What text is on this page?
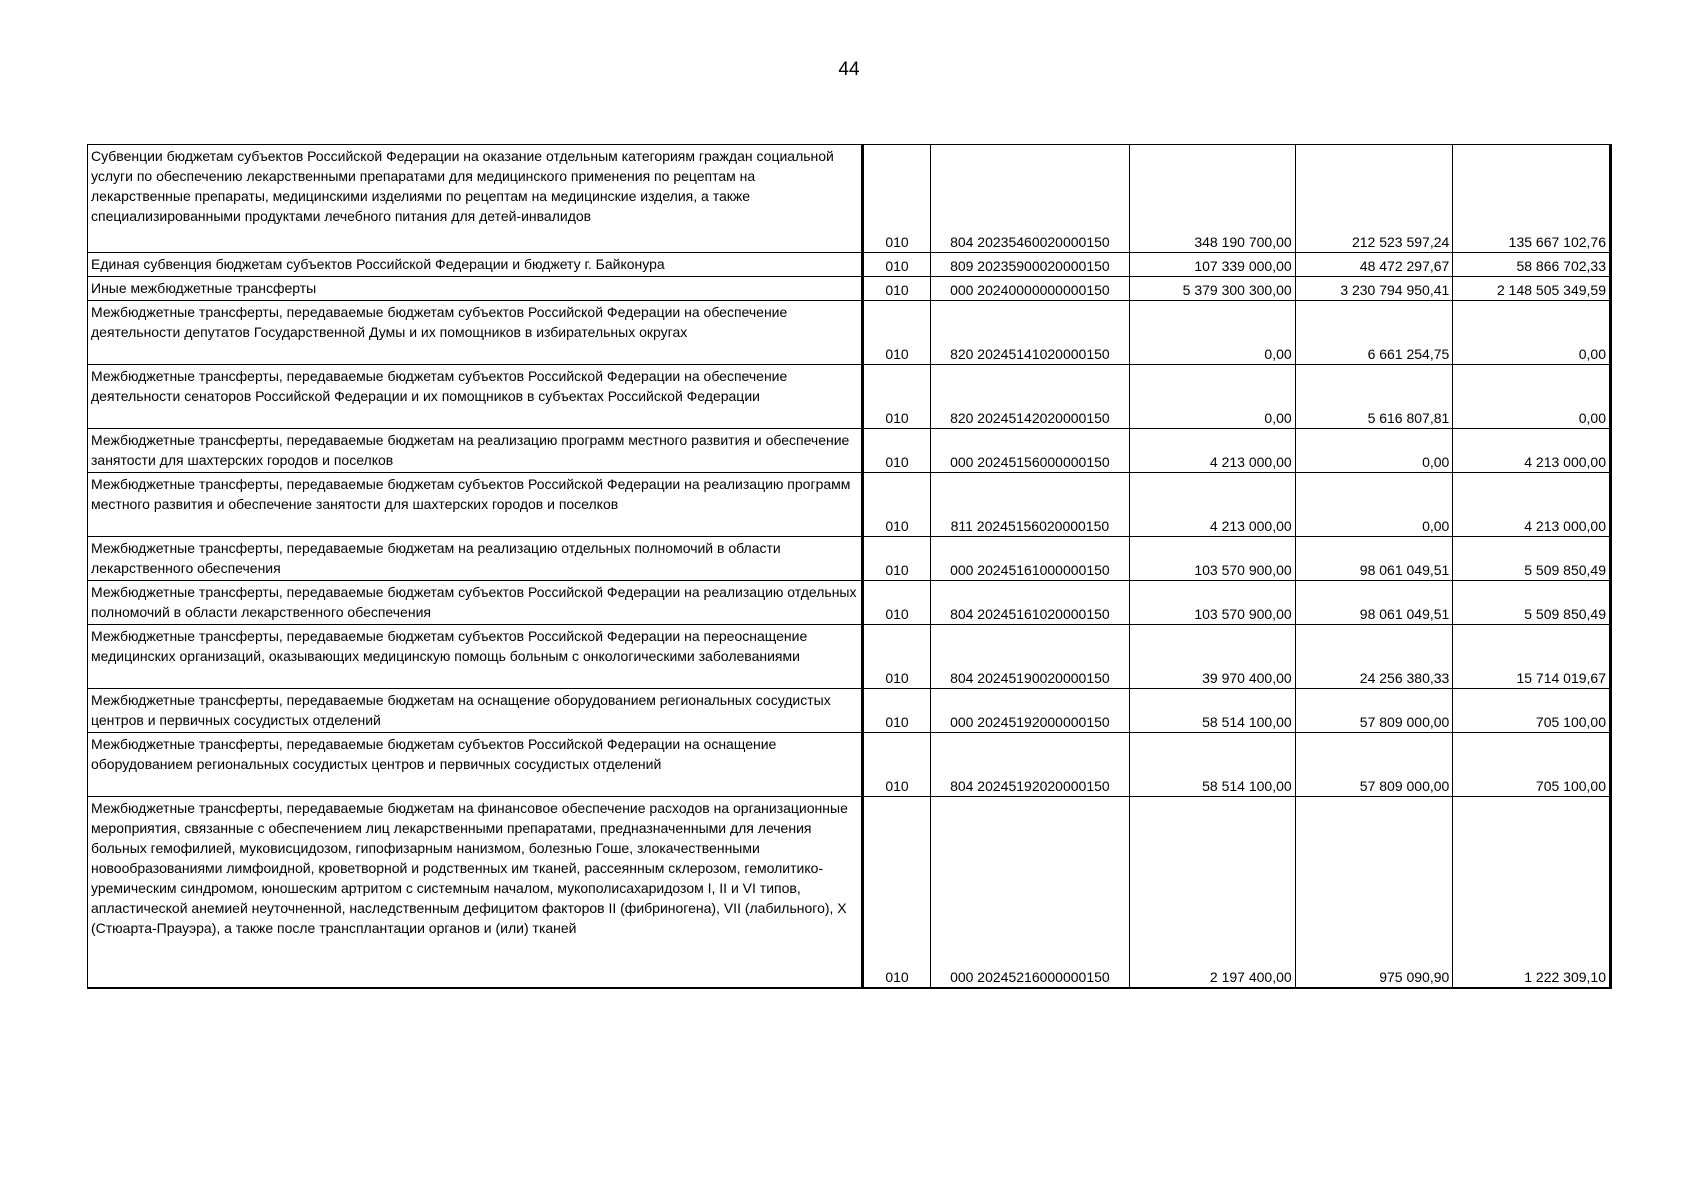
44
Субвенции бюджетам субъектов Российской Федерации на оказание отдельным категориям граждан социальной услуги по обеспечению лекарственными препаратами для медицинского применения по рецептам на лекарственные препараты, медицинскими изделиями по рецептам на медицинские изделия, а также специализированными продуктами лечебного питания для детей-инвалидов	010	804 20235460020000150	348 190 700,00	212 523 597,24	135 667 102,76
Единая субвенция бюджетам субъектов Российской Федерации и бюджету г. Байконура	010	809 20235900020000150	107 339 000,00	48 472 297,67	58 866 702,33
Иные межбюджетные трансферты	010	000 20240000000000150	5 379 300 300,00	3 230 794 950,41	2 148 505 349,59
Межбюджетные трансферты, передаваемые бюджетам субъектов Российской Федерации на обеспечение деятельности депутатов Государственной Думы и их помощников в избирательных округах	010	820 20245141020000150	0,00	6 661 254,75	0,00
Межбюджетные трансферты, передаваемые бюджетам субъектов Российской Федерации на обеспечение деятельности сенаторов Российской Федерации и их помощников в субъектах Российской Федерации	010	820 20245142020000150	0,00	5 616 807,81	0,00
Межбюджетные трансферты, передаваемые бюджетам на реализацию программ местного развития и обеспечение занятости для шахтерских городов и поселков	010	000 20245156000000150	4 213 000,00	0,00	4 213 000,00
Межбюджетные трансферты, передаваемые бюджетам субъектов Российской Федерации на реализацию программ местного развития и обеспечение занятости для шахтерских городов и поселков	010	811 20245156020000150	4 213 000,00	0,00	4 213 000,00
Межбюджетные трансферты, передаваемые бюджетам на реализацию отдельных полномочий в области лекарственного обеспечения	010	000 20245161000000150	103 570 900,00	98 061 049,51	5 509 850,49
Межбюджетные трансферты, передаваемые бюджетам субъектов Российской Федерации на реализацию отдельных полномочий в области лекарственного обеспечения	010	804 20245161020000150	103 570 900,00	98 061 049,51	5 509 850,49
Межбюджетные трансферты, передаваемые бюджетам субъектов Российской Федерации на переоснащение медицинских организаций, оказывающих медицинскую помощь больным с онкологическими заболеваниями	010	804 20245190020000150	39 970 400,00	24 256 380,33	15 714 019,67
Межбюджетные трансферты, передаваемые бюджетам на оснащение оборудованием региональных сосудистых центров и первичных сосудистых отделений	010	000 20245192000000150	58 514 100,00	57 809 000,00	705 100,00
Межбюджетные трансферты, передаваемые бюджетам субъектов Российской Федерации на оснащение оборудованием региональных сосудистых центров и первичных сосудистых отделений	010	804 20245192020000150	58 514 100,00	57 809 000,00	705 100,00
Межбюджетные трансферты, передаваемые бюджетам на финансовое обеспечение расходов на организационные мероприятия, связанные с обеспечением лиц лекарственными препаратами, предназначенными для лечения больных гемофилией, муковисцидозом, гипофизарным нанизмом, болезнью Гоше, злокачественными новообразованиями лимфоидной, кроветворной и родственных им тканей, рассеянным склерозом, гемолитико-уремическим синдромом, юношеским артритом с системным началом, мукополисахаридозом I, II и VI типов, апластической анемией неуточненной, наследственным дефицитом факторов II (фибриногена), VII (лабильного), X (Стюарта-Прауэра), а также после трансплантации органов и (или) тканей	010	000 20245216000000150	2 197 400,00	975 090,90	1 222 309,10
